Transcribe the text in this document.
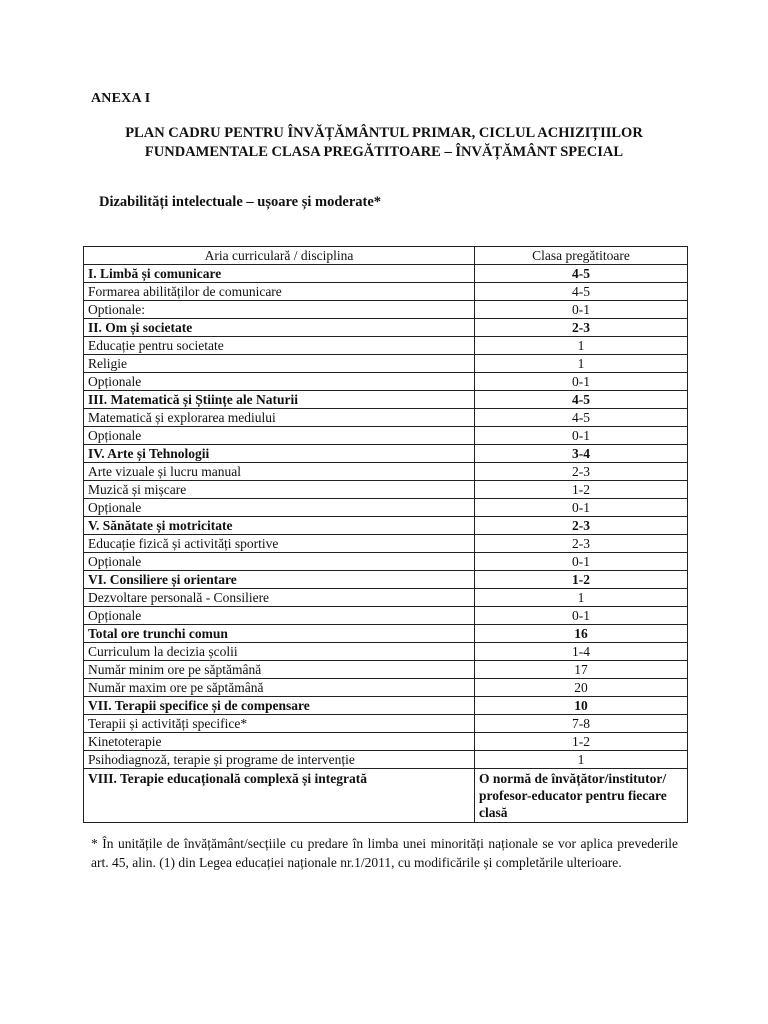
ANEXA I
PLAN CADRU PENTRU ÎNVĂȚĂMÂNTUL PRIMAR, CICLUL ACHIZIȚIILOR
FUNDAMENTALE CLASA PREGĂTITOARE – ÎNVĂȚĂMÂNT SPECIAL
Dizabilități intelectuale – ușoare și moderate*
Aria curriculară / disciplina	Clasa pregătitoare
I. Limbă și comunicare	4-5
Formarea abilităților de comunicare	4-5
Optionale:	0-1
II. Om și societate	2-3
Educație pentru societate	1
Religie	1
Opționale	0-1
III. Matematică și Științe ale Naturii	4-5
Matematică și explorarea mediului	4-5
Opționale	0-1
IV. Arte și Tehnologii	3-4
Arte vizuale și lucru manual	2-3
Muzică și mișcare	1-2
Opționale	0-1
V. Sănătate și motricitate	2-3
Educație fizică și activități sportive	2-3
Opționale	0-1
VI. Consiliere și orientare	1-2
Dezvoltare personală - Consiliere	1
Opționale	0-1
Total ore trunchi comun	16
Curriculum la decizia școlii	1-4
Număr minim ore pe săptămână	17
Număr maxim ore pe săptămână	20
VII. Terapii specifice și de compensare	10
Terapii și activități specifice*	7-8
Kinetoterapie	1-2
Psihodiagnoză, terapie și programe de intervenție	1
VIII. Terapie educațională complexă și integrată	O normă de învățător/institutor/ profesor-educator pentru fiecare clasă
* În unitățile de învățământ/secțiile cu predare în limba unei minorități naționale se vor aplica prevederile art. 45, alin. (1) din Legea educației naționale nr.1/2011, cu modificările și completările ulterioare.
